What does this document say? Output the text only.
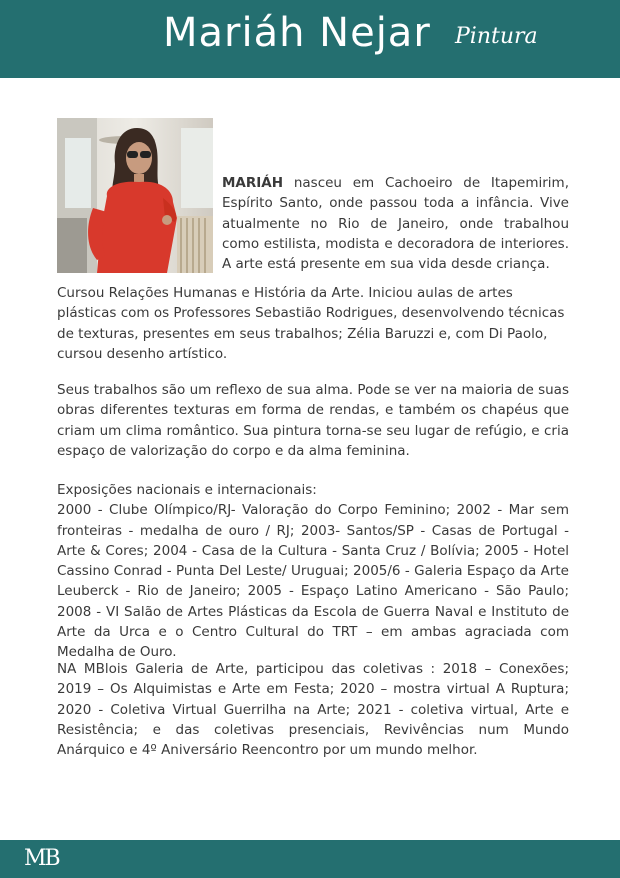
Mariáh Nejar Pintura
MARIÁH nasceu em Cachoeiro de Itapemirim, Espírito Santo, onde passou toda a infância. Vive atualmente no Rio de Janeiro, onde trabalhou como estilista, modista e decoradora de interiores. A arte está presente em sua vida desde criança.
Cursou Relações Humanas e História da Arte. Iniciou aulas de artes plásticas com os Professores Sebastião Rodrigues, desenvolvendo técnicas de texturas, presentes em seus trabalhos; Zélia Baruzzi e, com Di Paolo, cursou desenho artístico.
Seus trabalhos são um reflexo de sua alma. Pode se ver na maioria de suas obras diferentes texturas em forma de rendas, e também os chapéus que criam um clima romântico. Sua pintura torna-se seu lugar de refúgio, e cria espaço de valorização do corpo e da alma feminina.
Exposições nacionais e internacionais:
2000 - Clube Olímpico/RJ- Valoração do Corpo Feminino; 2002 - Mar sem fronteiras - medalha de ouro / RJ; 2003- Santos/SP - Casas de Portugal - Arte & Cores; 2004 - Casa de la Cultura - Santa Cruz / Bolívia; 2005 - Hotel Cassino Conrad - Punta Del Leste/ Uruguai; 2005/6 - Galeria Espaço da Arte Leuberck - Rio de Janeiro; 2005 - Espaço Latino Americano - São Paulo; 2008 - VI Salão de Artes Plásticas da Escola de Guerra Naval e Instituto de Arte da Urca e o Centro Cultural do TRT – em ambas agraciada com Medalha de Ouro.
NA MBlois Galeria de Arte, participou das coletivas : 2018 – Conexões; 2019 – Os Alquimistas e Arte em Festa; 2020 – mostra virtual A Ruptura; 2020 - Coletiva Virtual Guerrilha na Arte; 2021 - coletiva virtual, Arte e Resistência; e das coletivas presenciais, Revivências num Mundo Anárquico e 4º Aniversário Reencontro por um mundo melhor.
MB
